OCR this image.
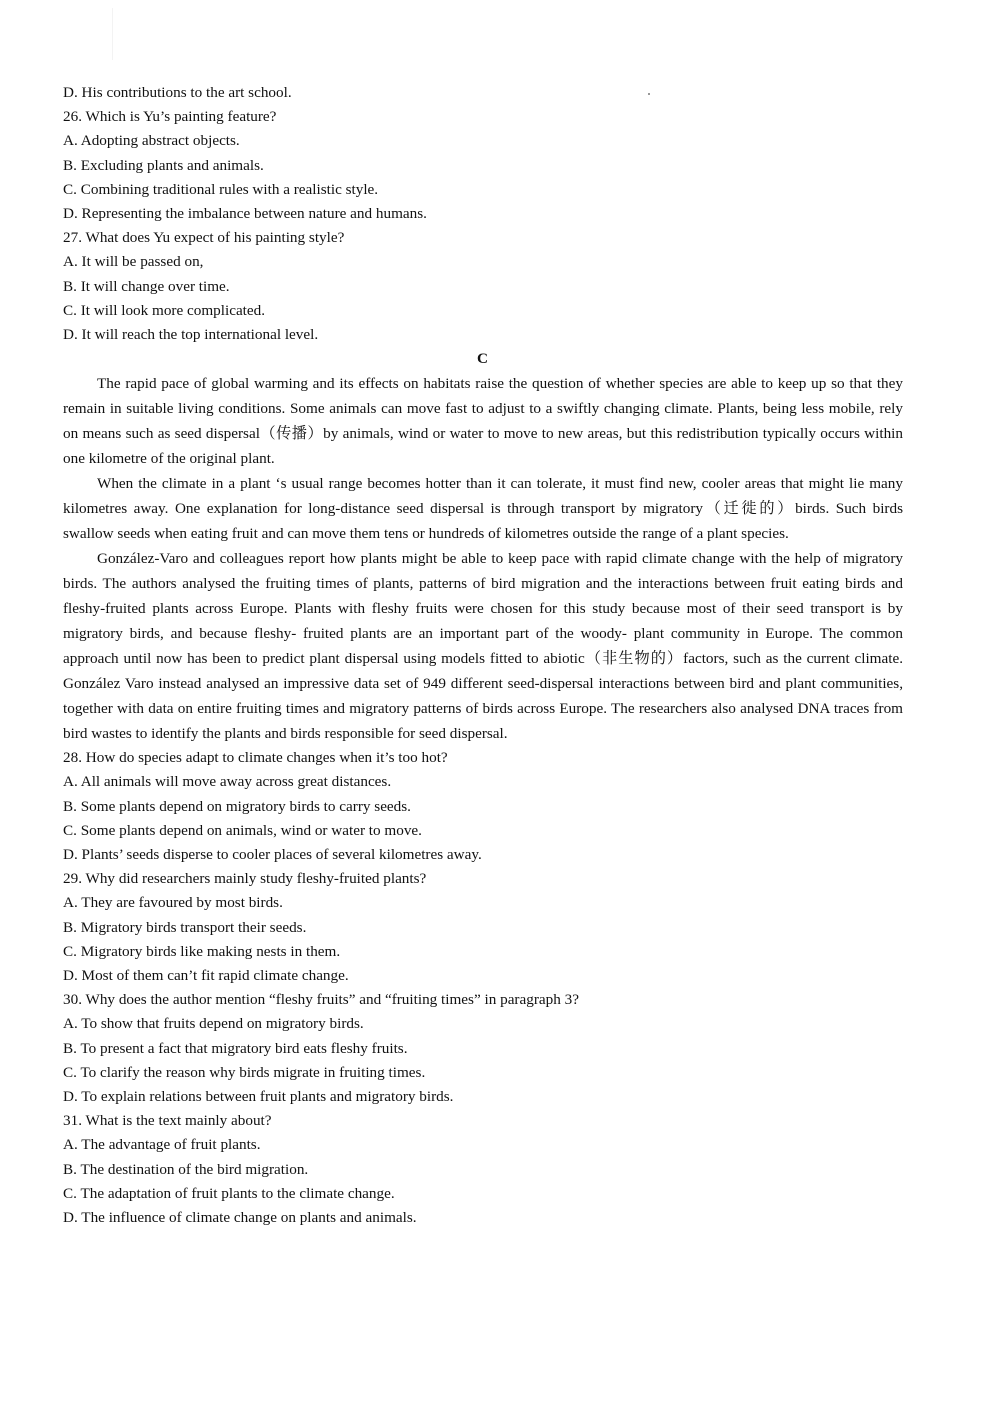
D. His contributions to the art school.
26. Which is Yu’s painting feature?
A. Adopting abstract objects.
B. Excluding plants and animals.
C. Combining traditional rules with a realistic style.
D. Representing the imbalance between nature and humans.
27. What does Yu expect of his painting style?
A. It will be passed on,
B. It will change over time.
C. It will look more complicated.
D. It will reach the top international level.
C
The rapid pace of global warming and its effects on habitats raise the question of whether species are able to keep up so that they remain in suitable living conditions. Some animals can move fast to adjust to a swiftly changing climate. Plants, being less mobile, rely on means such as seed dispersal（传播）by animals, wind or water to move to new areas, but this redistribution typically occurs within one kilometre of the original plant.
When the climate in a plant ‘s usual range becomes hotter than it can tolerate, it must find new, cooler areas that might lie many kilometres away. One explanation for long-distance seed dispersal is through transport by migratory（迁徙的）birds. Such birds swallow seeds when eating fruit and can move them tens or hundreds of kilometres outside the range of a plant species.
González-Varo and colleagues report how plants might be able to keep pace with rapid climate change with the help of migratory birds. The authors analysed the fruiting times of plants, patterns of bird migration and the interactions between fruit eating birds and fleshy-fruited plants across Europe. Plants with fleshy fruits were chosen for this study because most of their seed transport is by migratory birds, and because fleshy- fruited plants are an important part of the woody- plant community in Europe. The common approach until now has been to predict plant dispersal using models fitted to abiotic（非生物的）factors, such as the current climate. González Varo instead analysed an impressive data set of 949 different seed-dispersal interactions between bird and plant communities, together with data on entire fruiting times and migratory patterns of birds across Europe. The researchers also analysed DNA traces from bird wastes to identify the plants and birds responsible for seed dispersal.
28. How do species adapt to climate changes when it’s too hot?
A. All animals will move away across great distances.
B. Some plants depend on migratory birds to carry seeds.
C. Some plants depend on animals, wind or water to move.
D. Plants’ seeds disperse to cooler places of several kilometres away.
29. Why did researchers mainly study fleshy-fruited plants?
A. They are favoured by most birds.
B. Migratory birds transport their seeds.
C. Migratory birds like making nests in them.
D. Most of them can’t fit rapid climate change.
30. Why does the author mention “fleshy fruits” and “fruiting times” in paragraph 3?
A. To show that fruits depend on migratory birds.
B. To present a fact that migratory bird eats fleshy fruits.
C. To clarify the reason why birds migrate in fruiting times.
D. To explain relations between fruit plants and migratory birds.
31. What is the text mainly about?
A. The advantage of fruit plants.
B. The destination of the bird migration.
C. The adaptation of fruit plants to the climate change.
D. The influence of climate change on plants and animals.
